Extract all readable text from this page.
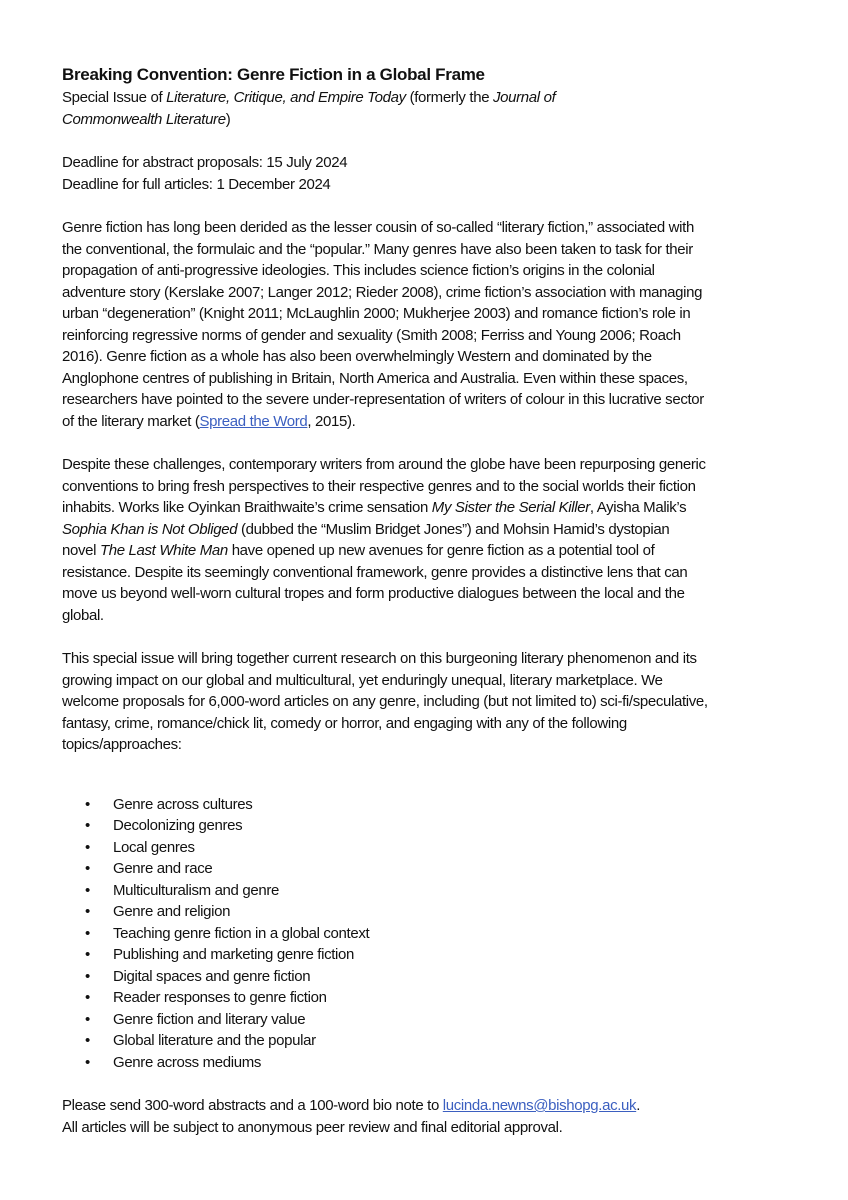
Breaking Convention: Genre Fiction in a Global Frame
Special Issue of Literature, Critique, and Empire Today (formerly the Journal of
Commonwealth Literature)
Deadline for abstract proposals: 15 July 2024
Deadline for full articles: 1 December 2024
Genre fiction has long been derided as the lesser cousin of so-called “literary fiction,” associated with
the conventional, the formulaic and the “popular.” Many genres have also been taken to task for their
propagation of anti-progressive ideologies. This includes science fiction’s origins in the colonial
adventure story (Kerslake 2007; Langer 2012; Rieder 2008), crime fiction’s association with managing
urban “degeneration” (Knight 2011; McLaughlin 2000; Mukherjee 2003) and romance fiction’s role in
reinforcing regressive norms of gender and sexuality (Smith 2008; Ferriss and Young 2006; Roach
2016). Genre fiction as a whole has also been overwhelmingly Western and dominated by the
Anglophone centres of publishing in Britain, North America and Australia. Even within these spaces,
researchers have pointed to the severe under-representation of writers of colour in this lucrative sector
of the literary market (Spread the Word, 2015).
Despite these challenges, contemporary writers from around the globe have been repurposing generic
conventions to bring fresh perspectives to their respective genres and to the social worlds their fiction
inhabits. Works like Oyinkan Braithwaite’s crime sensation My Sister the Serial Killer, Ayisha Malik’s
Sophia Khan is Not Obliged (dubbed the “Muslim Bridget Jones”) and Mohsin Hamid’s dystopian
novel The Last White Man have opened up new avenues for genre fiction as a potential tool of
resistance. Despite its seemingly conventional framework, genre provides a distinctive lens that can
move us beyond well-worn cultural tropes and form productive dialogues between the local and the
global.
This special issue will bring together current research on this burgeoning literary phenomenon and its
growing impact on our global and multicultural, yet enduringly unequal, literary marketplace. We
welcome proposals for 6,000-word articles on any genre, including (but not limited to) sci-fi/speculative,
fantasy, crime, romance/chick lit, comedy or horror, and engaging with any of the following
topics/approaches:
• Genre across cultures
• Decolonizing genres
• Local genres
• Genre and race
• Multiculturalism and genre
• Genre and religion
• Teaching genre fiction in a global context
• Publishing and marketing genre fiction
• Digital spaces and genre fiction
• Reader responses to genre fiction
• Genre fiction and literary value
• Global literature and the popular
• Genre across mediums
Please send 300-word abstracts and a 100-word bio note to lucinda.newns@bishopg.ac.uk.
All articles will be subject to anonymous peer review and final editorial approval.
